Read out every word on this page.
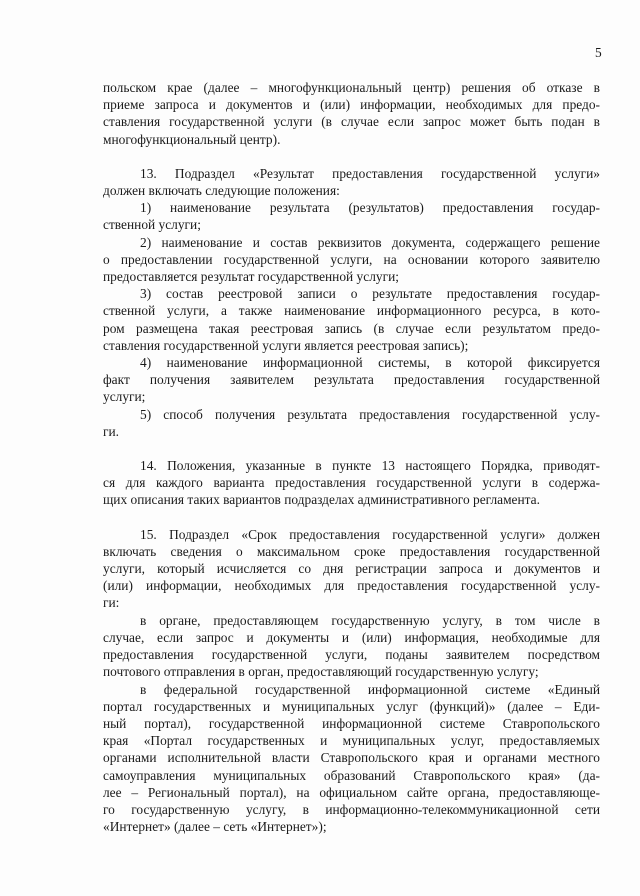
5
польском крае (далее – многофункциональный центр) решения об отказе в
приеме запроса и документов и (или) информации, необходимых для предо-
ставления государственной услуги (в случае если запрос может быть подан в
многофункциональный центр).
13. Подраздел «Результат предоставления государственной услуги»
должен включать следующие положения:
1) наименование результата (результатов) предоставления государ-
ственной услуги;
2) наименование и состав реквизитов документа, содержащего решение
о предоставлении государственной услуги, на основании которого заявителю
предоставляется результат государственной услуги;
3) состав реестровой записи о результате предоставления государ-
ственной услуги, а также наименование информационного ресурса, в кото-
ром размещена такая реестровая запись (в случае если результатом предо-
ставления государственной услуги является реестровая запись);
4) наименование информационной системы, в которой фиксируется
факт получения заявителем результата предоставления государственной
услуги;
5) способ получения результата предоставления государственной услу-
ги.
14. Положения, указанные в пункте 13 настоящего Порядка, приводят-
ся для каждого варианта предоставления государственной услуги в содержа-
щих описания таких вариантов подразделах административного регламента.
15. Подраздел «Срок предоставления государственной услуги» должен
включать сведения о максимальном сроке предоставления государственной
услуги, который исчисляется со дня регистрации запроса и документов и
(или) информации, необходимых для предоставления государственной услу-
ги:
в органе, предоставляющем государственную услугу, в том числе в
случае, если запрос и документы и (или) информация, необходимые для
предоставления государственной услуги, поданы заявителем посредством
почтового отправления в орган, предоставляющий государственную услугу;
в федеральной государственной информационной системе «Единый
портал государственных и муниципальных услуг (функций)» (далее – Еди-
ный портал), государственной информационной системе Ставропольского
края «Портал государственных и муниципальных услуг, предоставляемых
органами исполнительной власти Ставропольского края и органами местного
самоуправления муниципальных образований Ставропольского края» (да-
лее – Региональный портал), на официальном сайте органа, предоставляюще-
го государственную услугу, в информационно-телекоммуникационной сети
«Интернет» (далее – сеть «Интернет»);
